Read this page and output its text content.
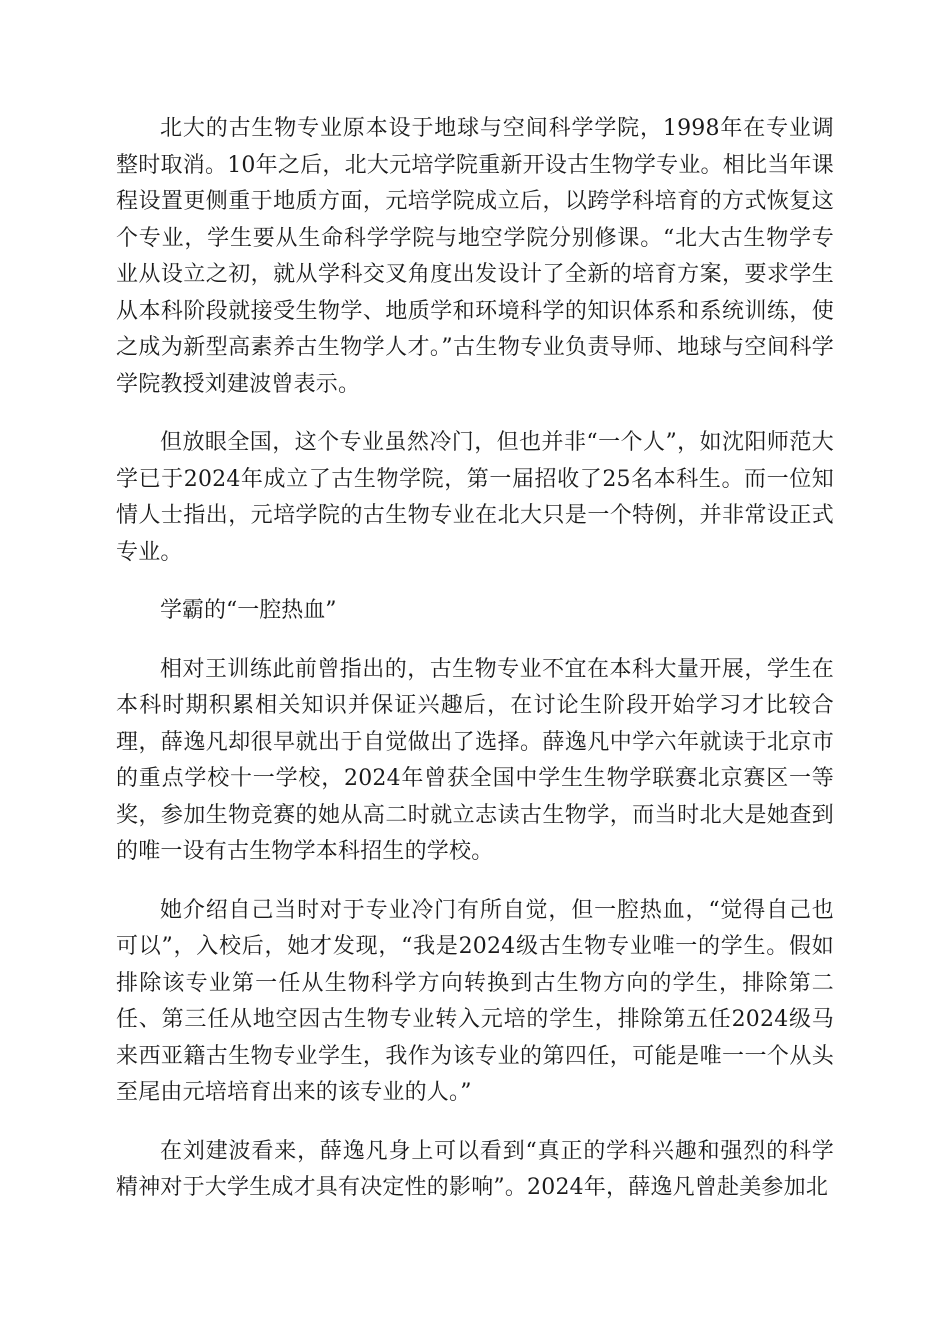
北大的古生物专业原本设于地球与空间科学学院，1998年在专业调整时取消。10年之后，北大元培学院重新开设古生物学专业。相比当年课程设置更侧重于地质方面，元培学院成立后，以跨学科培育的方式恢复这个专业，学生要从生命科学学院与地空学院分别修课。“北大古生物学专业从设立之初，就从学科交叉角度出发设计了全新的培育方案，要求学生从本科阶段就接受生物学、地质学和环境科学的知识体系和系统训练，使之成为新型高素养古生物学人才。”古生物专业负责导师、地球与空间科学学院教授刘建波曾表示。

但放眼全国，这个专业虽然冷门，但也并非“一个人”，如沈阳师范大学已于2024年成立了古生物学院，第一届招收了25名本科生。而一位知情人士指出，元培学院的古生物专业在北大只是一个特例，并非常设正式专业。

学霸的“一腔热血”

相对王训练此前曾指出的，古生物专业不宜在本科大量开展，学生在本科时期积累相关知识并保证兴趣后，在讨论生阶段开始学习才比较合理，薛逸凡却很早就出于自觉做出了选择。薛逸凡中学六年就读于北京市的重点学校十一学校，2024年曾获全国中学生生物学联赛北京赛区一等奖，参加生物竞赛的她从高二时就立志读古生物学，而当时北大是她查到的唯一设有古生物学本科招生的学校。

她介绍自己当时对于专业冷门有所自觉，但一腔热血，“觉得自己也可以”，入校后，她才发现，“我是2024级古生物专业唯一的学生。假如排除该专业第一任从生物科学方向转换到古生物方向的学生，排除第二任、第三任从地空因古生物专业转入元培的学生，排除第五任2024级马来西亚籍古生物专业学生，我作为该专业的第四任，可能是唯一一个从头至尾由元培培育出来的该专业的人。”

在刘建波看来，薛逸凡身上可以看到“真正的学科兴趣和强烈的科学精神对于大学生成才具有决定性的影响”。2024年，薛逸凡曾赴美参加北
